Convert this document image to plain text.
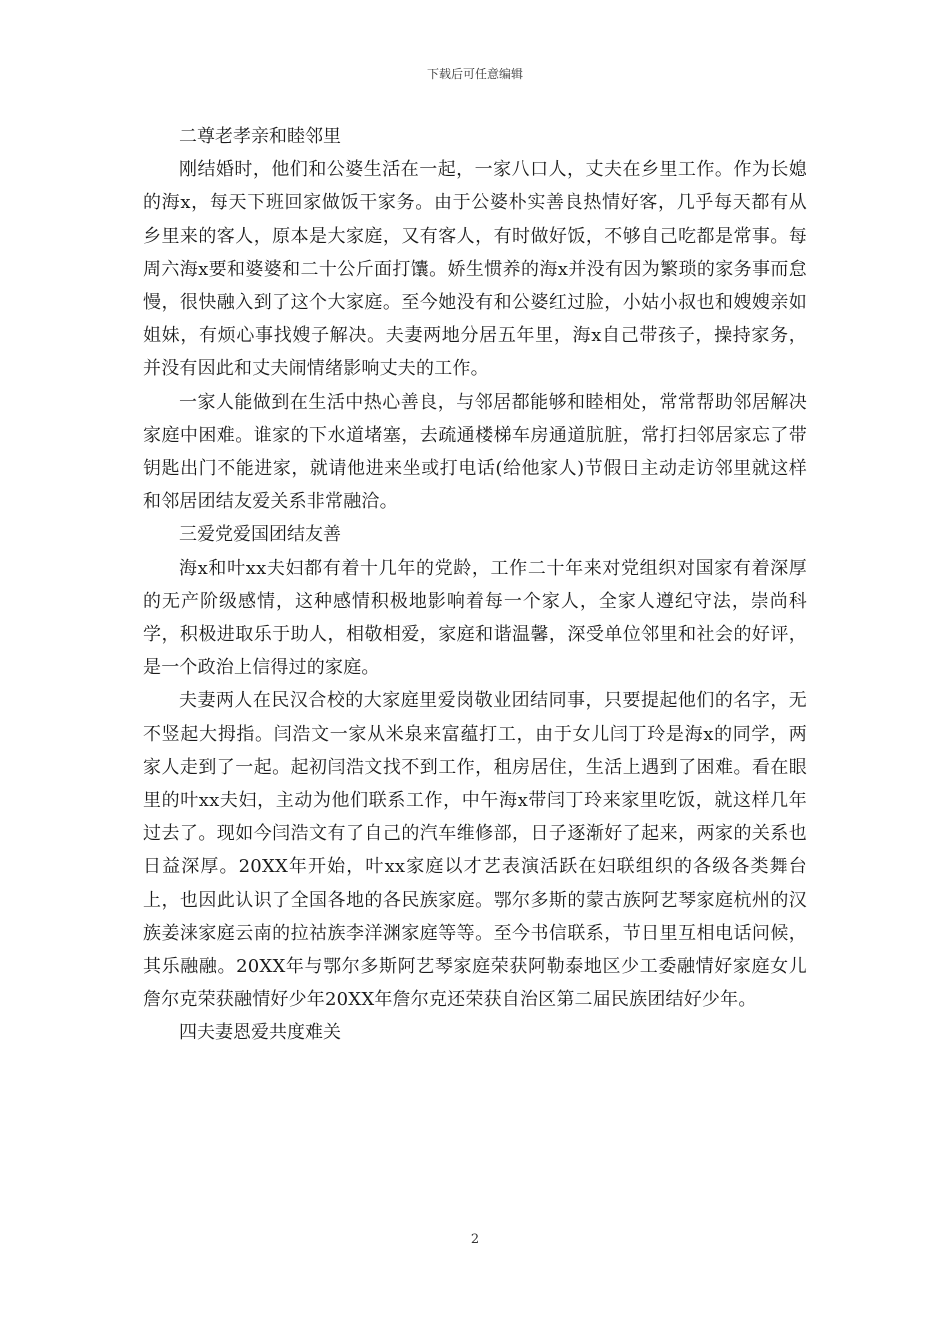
下载后可任意编辑

二尊老孝亲和睦邻里

刚结婚时，他们和公婆生活在一起，一家八口人，丈夫在乡里工作。作为长媳的海x，每天下班回家做饭干家务。由于公婆朴实善良热情好客，几乎每天都有从乡里来的客人，原本是大家庭，又有客人，有时做好饭，不够自己吃都是常事。每周六海x要和婆婆和二十公斤面打馕。娇生惯养的海x并没有因为繁琐的家务事而怠慢，很快融入到了这个大家庭。至今她没有和公婆红过脸，小姑小叔也和嫂嫂亲如姐妹，有烦心事找嫂子解决。夫妻两地分居五年里，海x自己带孩子，操持家务，并没有因此和丈夫闹情绪影响丈夫的工作。

一家人能做到在生活中热心善良，与邻居都能够和睦相处，常常帮助邻居解决家庭中困难。谁家的下水道堵塞，去疏通楼梯车房通道肮脏，常打扫邻居家忘了带钥匙出门不能进家，就请他进来坐或打电话(给他家人)节假日主动走访邻里就这样和邻居团结友爱关系非常融洽。

三爱党爱国团结友善

海x和叶xx夫妇都有着十几年的党龄，工作二十年来对党组织对国家有着深厚的无产阶级感情，这种感情积极地影响着每一个家人，全家人遵纪守法，崇尚科学，积极进取乐于助人，相敬相爱，家庭和谐温馨，深受单位邻里和社会的好评，是一个政治上信得过的家庭。

夫妻两人在民汉合校的大家庭里爱岗敬业团结同事，只要提起他们的名字，无不竖起大拇指。闫浩文一家从米泉来富蕴打工，由于女儿闫丁玲是海x的同学，两家人走到了一起。起初闫浩文找不到工作，租房居住，生活上遇到了困难。看在眼里的叶xx夫妇，主动为他们联系工作，中午海x带闫丁玲来家里吃饭，就这样几年过去了。现如今闫浩文有了自己的汽车维修部，日子逐渐好了起来，两家的关系也日益深厚。20XX年开始，叶xx家庭以才艺表演活跃在妇联组织的各级各类舞台上，也因此认识了全国各地的各民族家庭。鄂尔多斯的蒙古族阿艺琴家庭杭州的汉族姜涞家庭云南的拉祜族李洋渊家庭等等。至今书信联系，节日里互相电话问候，其乐融融。20XX年与鄂尔多斯阿艺琴家庭荣获阿勒泰地区少工委融情好家庭女儿詹尔克荣获融情好少年20XX年詹尔克还荣获自治区第二届民族团结好少年。

四夫妻恩爱共度难关

2
